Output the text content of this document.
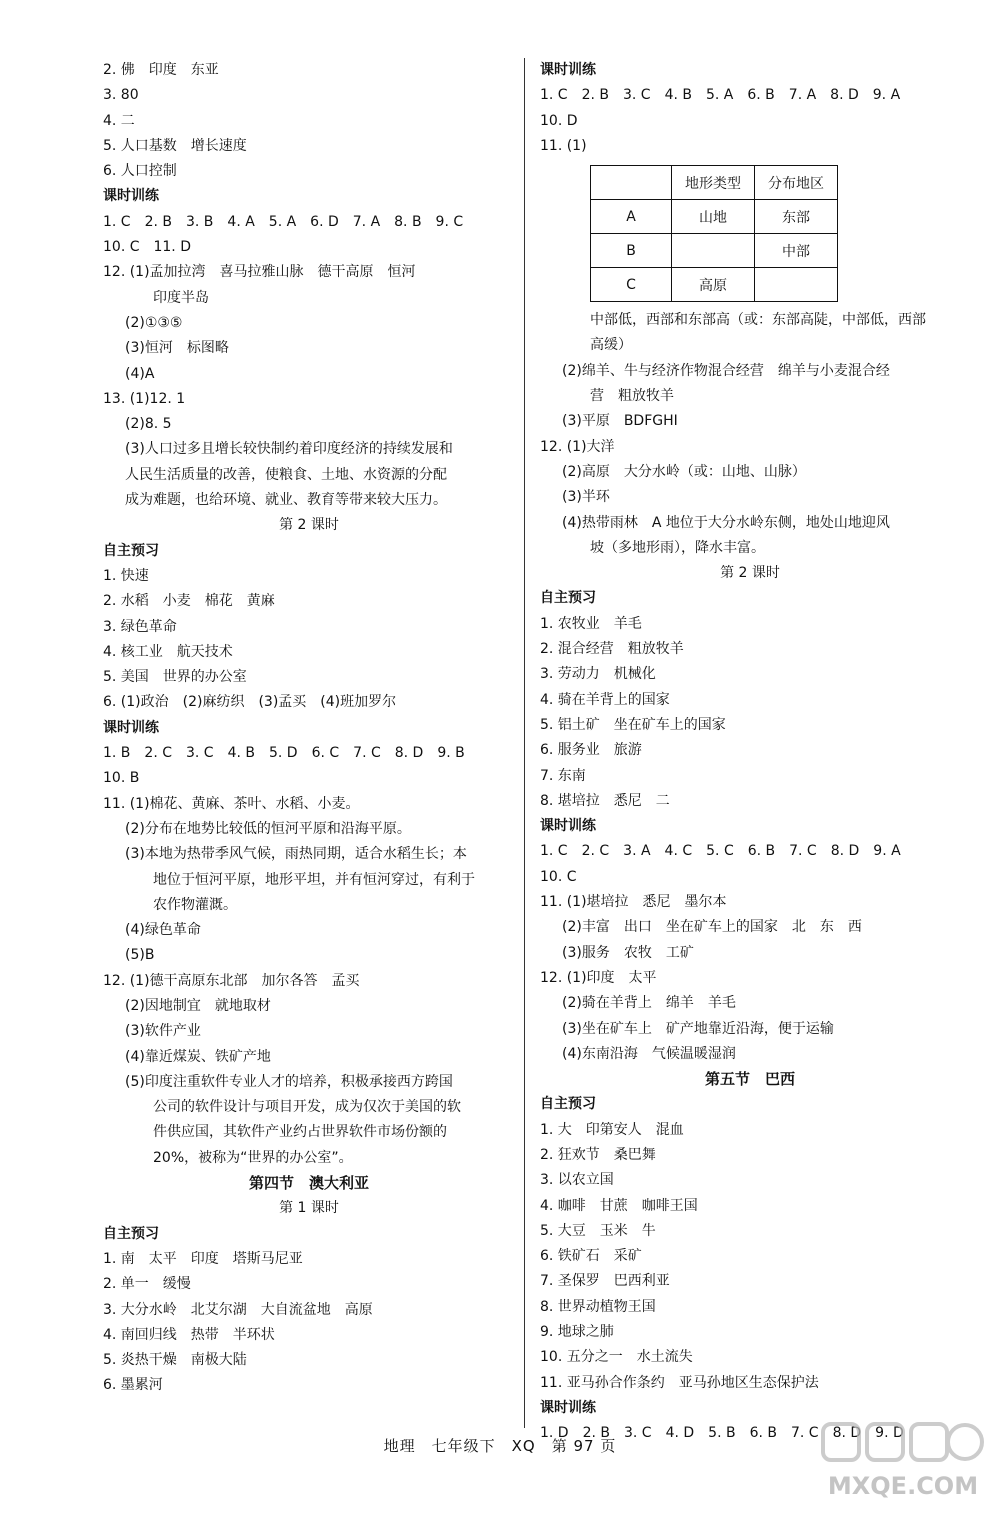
2. 佛　印度　东亚
3. 80
4. 二
5. 人口基数　增长速度
6. 人口控制
课时训练
1. C　2. B　3. B　4. A　5. A　6. D　7. A　8. B　9. C
10. C　11. D
12. (1)孟加拉湾　喜马拉雅山脉　德干高原　恒河
印度半岛
(2)①③⑤
(3)恒河　标图略
(4)A
13. (1)12. 1
(2)8. 5
(3)人口过多且增长较快制约着印度经济的持续发展和
人民生活质量的改善，使粮食、土地、水资源的分配
成为难题，也给环境、就业、教育等带来较大压力。
第 2 课时
自主预习
1. 快速
2. 水稻　小麦　棉花　黄麻
3. 绿色革命
4. 核工业　航天技术
5. 美国　世界的办公室
6. (1)政治　(2)麻纺织　(3)孟买　(4)班加罗尔
课时训练
1. B　2. C　3. C　4. B　5. D　6. C　7. C　8. D　9. B
10. B
11. (1)棉花、黄麻、茶叶、水稻、小麦。
(2)分布在地势比较低的恒河平原和沿海平原。
(3)本地为热带季风气候，雨热同期，适合水稻生长；本
地位于恒河平原，地形平坦，并有恒河穿过，有利于
农作物灌溉。
(4)绿色革命
(5)B
12. (1)德干高原东北部　加尔各答　孟买
(2)因地制宜　就地取材
(3)软件产业
(4)靠近煤炭、铁矿产地
(5)印度注重软件专业人才的培养，积极承接西方跨国
公司的软件设计与项目开发，成为仅次于美国的软
件供应国，其软件产业约占世界软件市场份额的
20%，被称为“世界的办公室”。
第四节　澳大利亚
第 1 课时
自主预习
1. 南　太平　印度　塔斯马尼亚
2. 单一　缓慢
3. 大分水岭　北艾尔湖　大自流盆地　高原
4. 南回归线　热带　半环状
5. 炎热干燥　南极大陆
6. 墨累河
课时训练
1. C　2. B　3. C　4. B　5. A　6. B　7. A　8. D　9. A
10. D
11. (1)
	地形类型	分布地区
A	山地	东部
B		中部
C	高原	
中部低，西部和东部高（或：东部高陡，中部低，西部
高缓）
(2)绵羊、牛与经济作物混合经营　绵羊与小麦混合经
营　粗放牧羊
(3)平原　BDFGHI
12. (1)大洋
(2)高原　大分水岭（或：山地、山脉）
(3)半环
(4)热带雨林　A 地位于大分水岭东侧，地处山地迎风
坡（多地形雨），降水丰富。
第 2 课时
自主预习
1. 农牧业　羊毛
2. 混合经营　粗放牧羊
3. 劳动力　机械化
4. 骑在羊背上的国家
5. 铝土矿　坐在矿车上的国家
6. 服务业　旅游
7. 东南
8. 堪培拉　悉尼　二
课时训练
1. C　2. C　3. A　4. C　5. C　6. B　7. C　8. D　9. A
10. C
11. (1)堪培拉　悉尼　墨尔本
(2)丰富　出口　坐在矿车上的国家　北　东　西
(3)服务　农牧　工矿
12. (1)印度　太平
(2)骑在羊背上　绵羊　羊毛
(3)坐在矿车上　矿产地靠近沿海，便于运输
(4)东南沿海　气候温暖湿润
第五节　巴西
自主预习
1. 大　印第安人　混血
2. 狂欢节　桑巴舞
3. 以农立国
4. 咖啡　甘蔗　咖啡王国
5. 大豆　玉米　牛
6. 铁矿石　采矿
7. 圣保罗　巴西利亚
8. 世界动植物王国
9. 地球之肺
10. 五分之一　水土流失
11. 亚马孙合作条约　亚马孙地区生态保护法
课时训练
1. D　2. B　3. C　4. D　5. B　6. B　7. C　8. D　9. D
地理　七年级下　XQ　第 97 页
MXQE.COM
